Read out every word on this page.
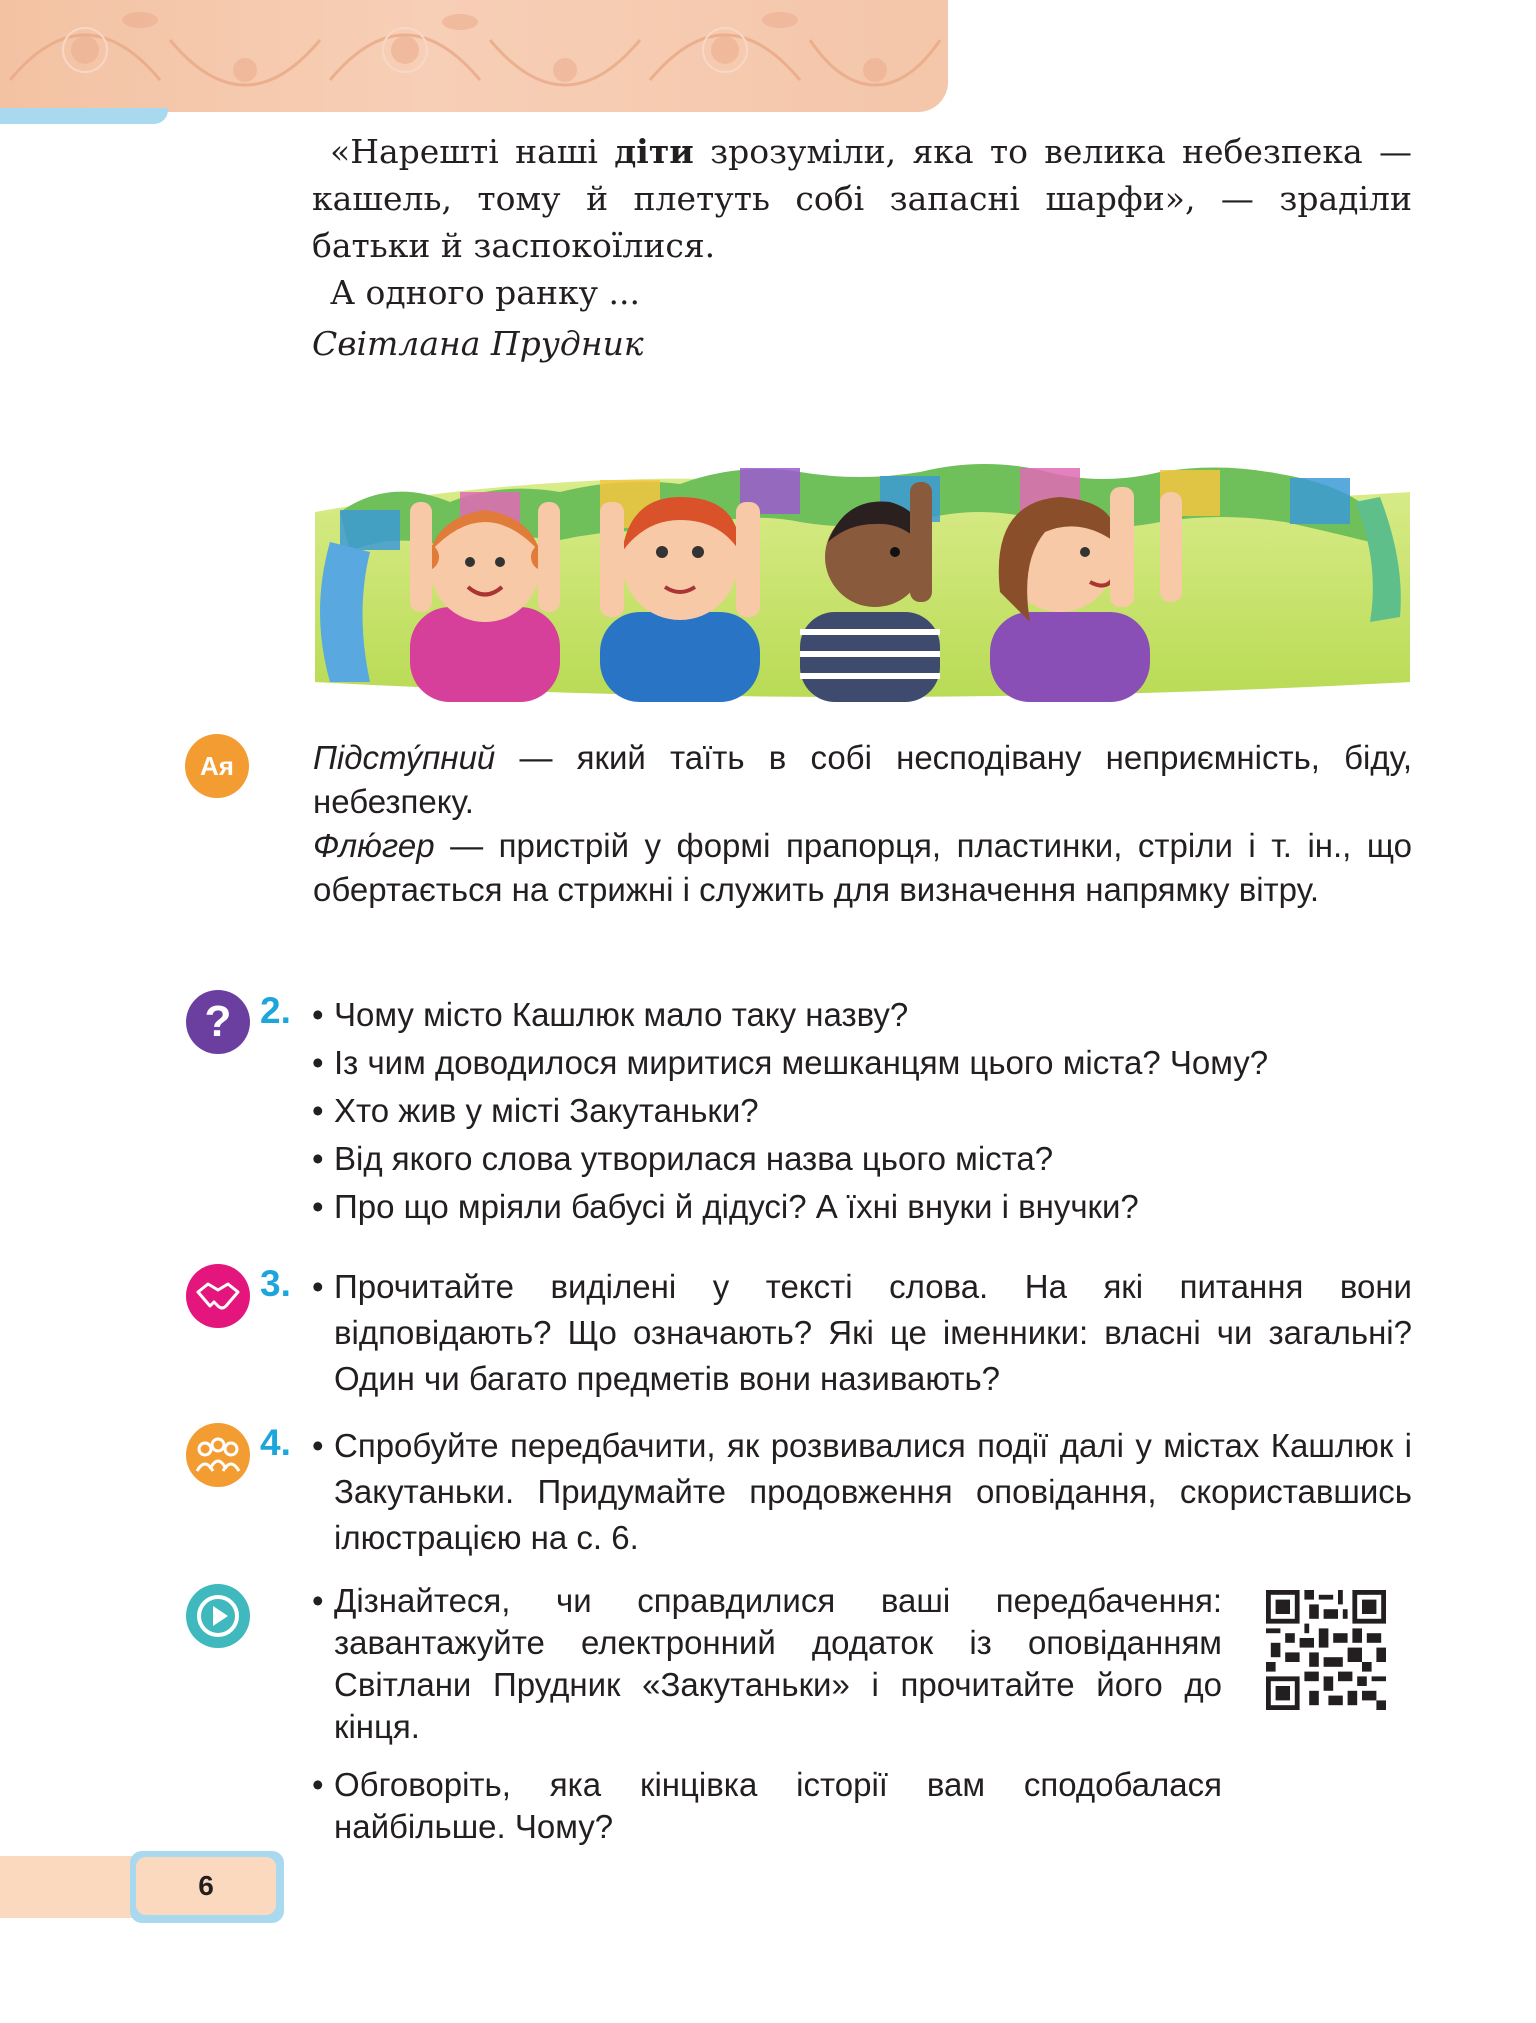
«Нарешті наші діти зрозуміли, яка то велика небезпека — кашель, тому й плетуть собі запасні шарфи», — зраділи батьки й заспокоїлися.

А одного ранку ...

Світлана Прудник

Ая Підсту́пний — який таїть в собі несподівану неприємність, біду, небезпеку.

Флю́гер — пристрій у формі прапорця, пластинки, стріли і т. ін., що обертається на стрижні і служить для визначення напрямку вітру.

? 2.	• Чому місто Кашлюк мало таку назву?
• Із чим доводилося миритися мешканцям цього міста? Чому?
• Хто жив у місті Закутаньки?
• Від якого слова утворилася назва цього міста?
• Про що мріяли бабусі й дідусі? А їхні внуки і внучки?
3.	• Прочитайте виділені у тексті слова. На які питання вони відповідають? Що означають? Які це іменники: власні чи загальні? Один чи багато предметів вони називають?
4.	• Спробуйте передбачити, як розвивалися події далі у містах Кашлюк і Закутаньки. Придумайте продовження оповідання, скориставшись ілюстрацією на с. 6.
• Дізнайтеся, чи справдилися ваші передбачення: завантажуйте електронний додаток із оповіданням Світлани Прудник «Закутаньки» і прочитайте його до кінця.
• Обговоріть, яка кінцівка історії вам сподобалася найбільше. Чому?
6
